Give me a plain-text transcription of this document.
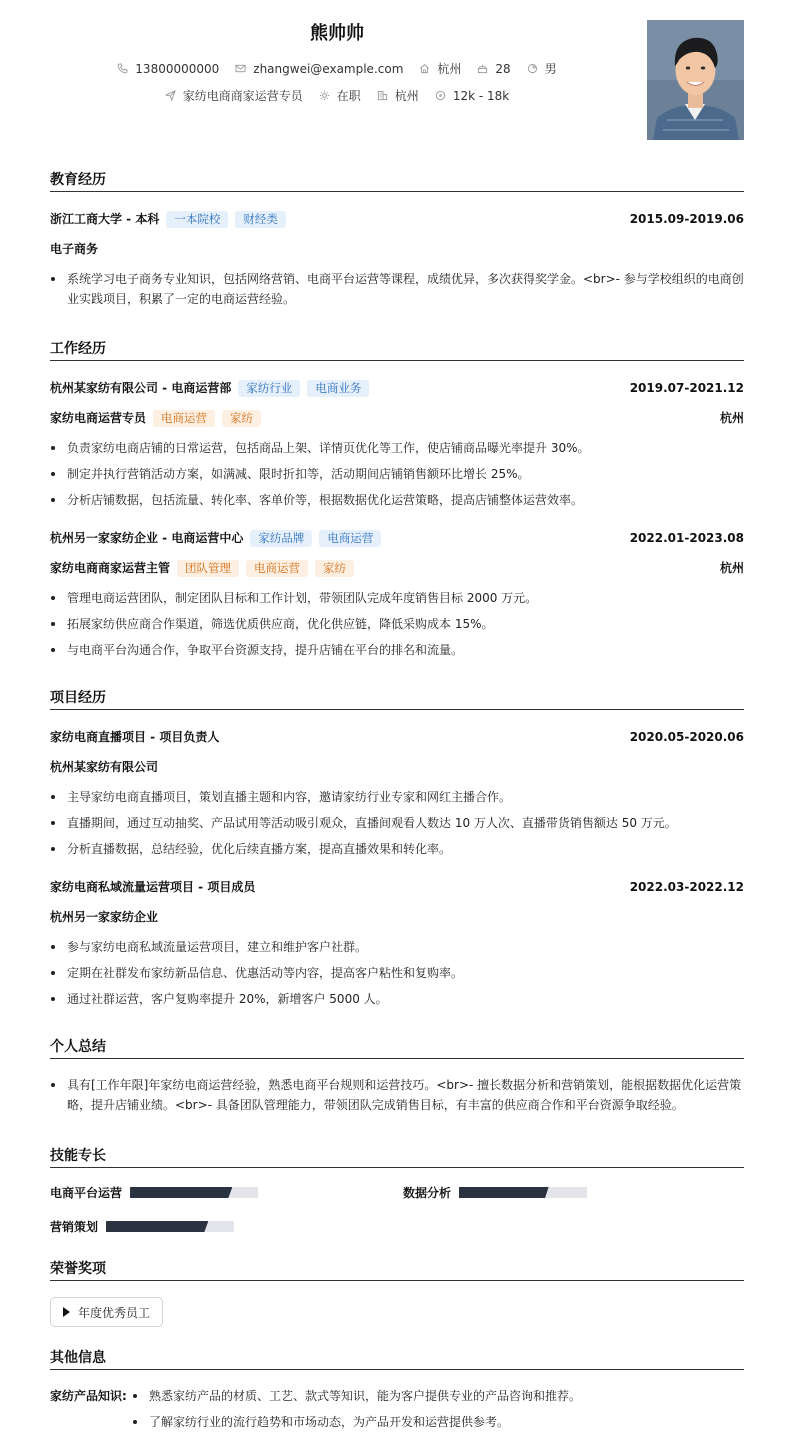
熊帅帅
13800000000	zhangwei@example.com	杭州	28	男
家纺电商商家运营专员	在职	杭州	12k - 18k
教育经历
浙江工商大学 - 本科	一本院校	财经类	2015.09-2019.06
电子商务
系统学习电子商务专业知识，包括网络营销、电商平台运营等课程，成绩优异，多次获得奖学金。<br>- 参与学校组织的电商创业实践项目，积累了一定的电商运营经验。
工作经历
杭州某家纺有限公司 - 电商运营部	家纺行业	电商业务	2019.07-2021.12
家纺电商运营专员	电商运营	家纺	杭州
负责家纺电商店铺的日常运营，包括商品上架、详情页优化等工作，使店铺商品曝光率提升 30%。
制定并执行营销活动方案，如满减、限时折扣等，活动期间店铺销售额环比增长 25%。
分析店铺数据，包括流量、转化率、客单价等，根据数据优化运营策略，提高店铺整体运营效率。
杭州另一家家纺企业 - 电商运营中心	家纺品牌	电商运营	2022.01-2023.08
家纺电商商家运营主管	团队管理	电商运营	家纺	杭州
管理电商运营团队，制定团队目标和工作计划，带领团队完成年度销售目标 2000 万元。
拓展家纺供应商合作渠道，筛选优质供应商，优化供应链，降低采购成本 15%。
与电商平台沟通合作，争取平台资源支持，提升店铺在平台的排名和流量。
项目经历
家纺电商直播项目 - 项目负责人	2020.05-2020.06
杭州某家纺有限公司
主导家纺电商直播项目，策划直播主题和内容，邀请家纺行业专家和网红主播合作。
直播期间，通过互动抽奖、产品试用等活动吸引观众，直播间观看人数达 10 万人次、直播带货销售额达 50 万元。
分析直播数据，总结经验，优化后续直播方案，提高直播效果和转化率。
家纺电商私域流量运营项目 - 项目成员	2022.03-2022.12
杭州另一家家纺企业
参与家纺电商私域流量运营项目，建立和维护客户社群。
定期在社群发布家纺新品信息、优惠活动等内容，提高客户粘性和复购率。
通过社群运营，客户复购率提升 20%，新增客户 5000 人。
个人总结
具有[工作年限]年家纺电商运营经验，熟悉电商平台规则和运营技巧。<br>- 擅长数据分析和营销策划，能根据数据优化运营策略，提升店铺业绩。<br>- 具备团队管理能力，带领团队完成销售目标，有丰富的供应商合作和平台资源争取经验。
技能专长
电商平台运营	数据分析
营销策划
荣誉奖项
年度优秀员工
其他信息
家纺产品知识:	熟悉家纺产品的材质、工艺、款式等知识，能为客户提供专业的产品咨询和推荐。
了解家纺行业的流行趋势和市场动态，为产品开发和运营提供参考。
